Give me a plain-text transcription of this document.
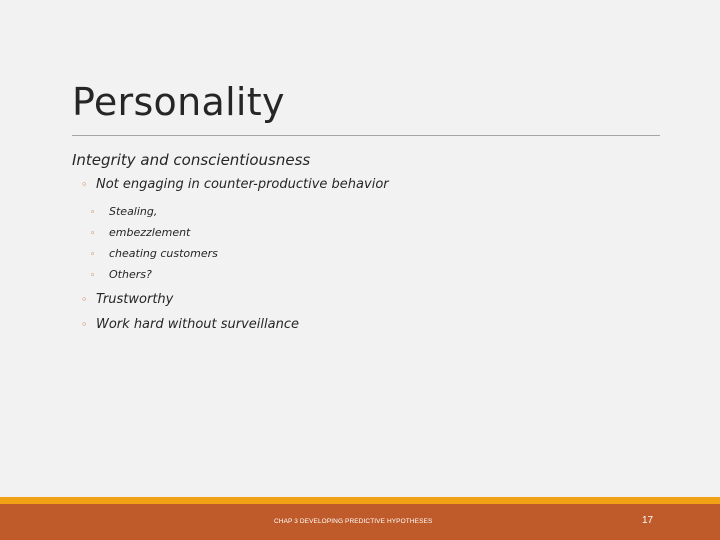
Personality
Integrity and conscientiousness
◦ Not engaging in counter-productive behavior
◦ Stealing,
◦ embezzlement
◦ cheating customers
◦ Others?
◦ Trustworthy
◦ Work hard without surveillance
CHAP 3 DEVELOPING PREDICTIVE HYPOTHESES	17
